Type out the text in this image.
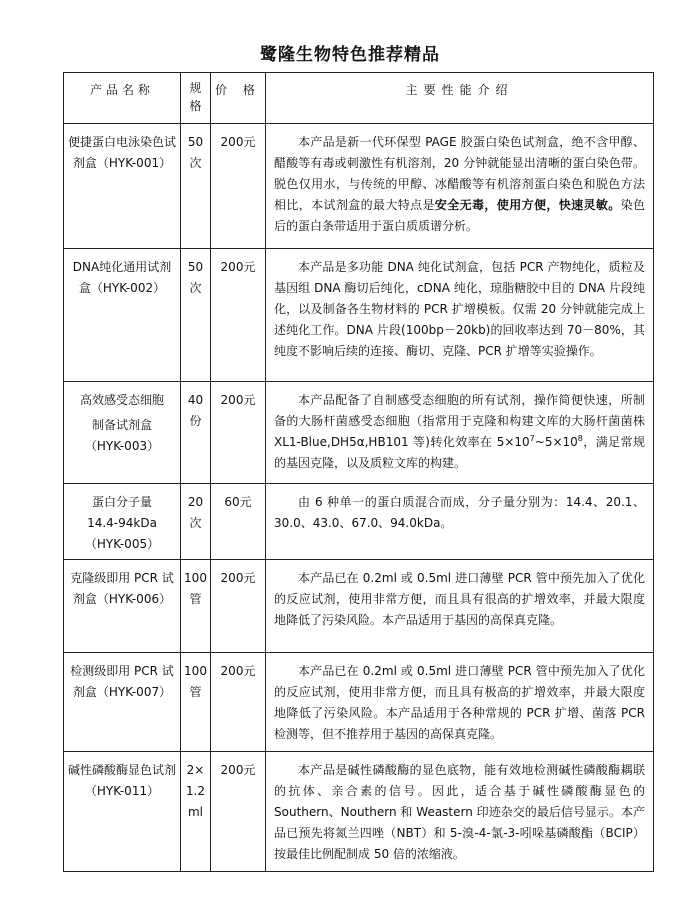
鹭隆生物特色推荐精品
产品名称	规
格	价 格	主要性能介绍
便捷蛋白电泳染色试剂盒（HYK-001）	50
次	200元	本产品是新一代环保型 PAGE 胶蛋白染色试剂盒，绝不含甲醇、醋酸等有毒或刺激性有机溶剂，20 分钟就能显出清晰的蛋白染色带。脱色仅用水，与传统的甲醇、冰醋酸等有机溶剂蛋白染色和脱色方法相比，本试剂盒的最大特点是安全无毒，使用方便，快速灵敏。染色后的蛋白条带适用于蛋白质质谱分析。
DNA纯化通用试剂盒（HYK-002）	50
次	200元	本产品是多功能 DNA 纯化试剂盒，包括 PCR 产物纯化，质粒及基因组 DNA 酶切后纯化，cDNA 纯化，琼脂糖胶中目的 DNA 片段纯化，以及制备各生物材料的 PCR 扩增模板。仅需 20 分钟就能完成上述纯化工作。DNA 片段(100bp－20kb)的回收率达到 70－80%，其纯度不影响后续的连接、酶切、克隆、PCR 扩增等实验操作。

高效感受态细胞
制备试剂盒
（HYK-003）	40
份	200元	本产品配备了自制感受态细胞的所有试剂，操作简便快速，所制备的大肠杆菌感受态细胞（指常用于克隆和构建文库的大肠杆菌菌株XL1-Blue,DH5α,HB101 等)转化效率在 $5\times 10^7\sim 5\times 10^8$，满足常规的基因克隆，以及质粒文库的构建。

蛋白分子量
14.4-94kDa
（HYK-005）	20
次	60元	由 6 种单一的蛋白质混合而成，分子量分别为：14.4、20.1、30.0、43.0、67.0、94.0kDa。
克隆级即用 PCR 试剂盒（HYK-006）	100
管	200元	本产品已在 0.2ml 或 0.5ml 进口薄壁 PCR 管中预先加入了优化的反应试剂，使用非常方便，而且具有很高的扩增效率，并最大限度地降低了污染风险。本产品适用于基因的高保真克隆。
检测级即用 PCR 试剂盒（HYK-007）	100
管	200元	本产品已在 0.2ml 或 0.5ml 进口薄壁 PCR 管中预先加入了优化的反应试剂，使用非常方便，而且具有极高的扩增效率，并最大限度地降低了污染风险。本产品适用于各种常规的 PCR 扩增、菌落 PCR 检测等，但不推荐用于基因的高保真克隆。
碱性磷酸酶显色试剂 （HYK-011）	2×
1.2
ml	200元	本产品是碱性磷酸酶的显色底物，能有效地检测碱性磷酸酶耦联的抗体、亲合素的信号。因此，适合基于碱性磷酸酶显色的 Southern、Nouthern 和 Weastern 印迹杂交的最后信号显示。本产品已预先将氮兰四唑（NBT）和 5-溴-4-氯-3-吲哚基磷酸酯（BCIP）按最佳比例配制成 50 倍的浓缩液。
